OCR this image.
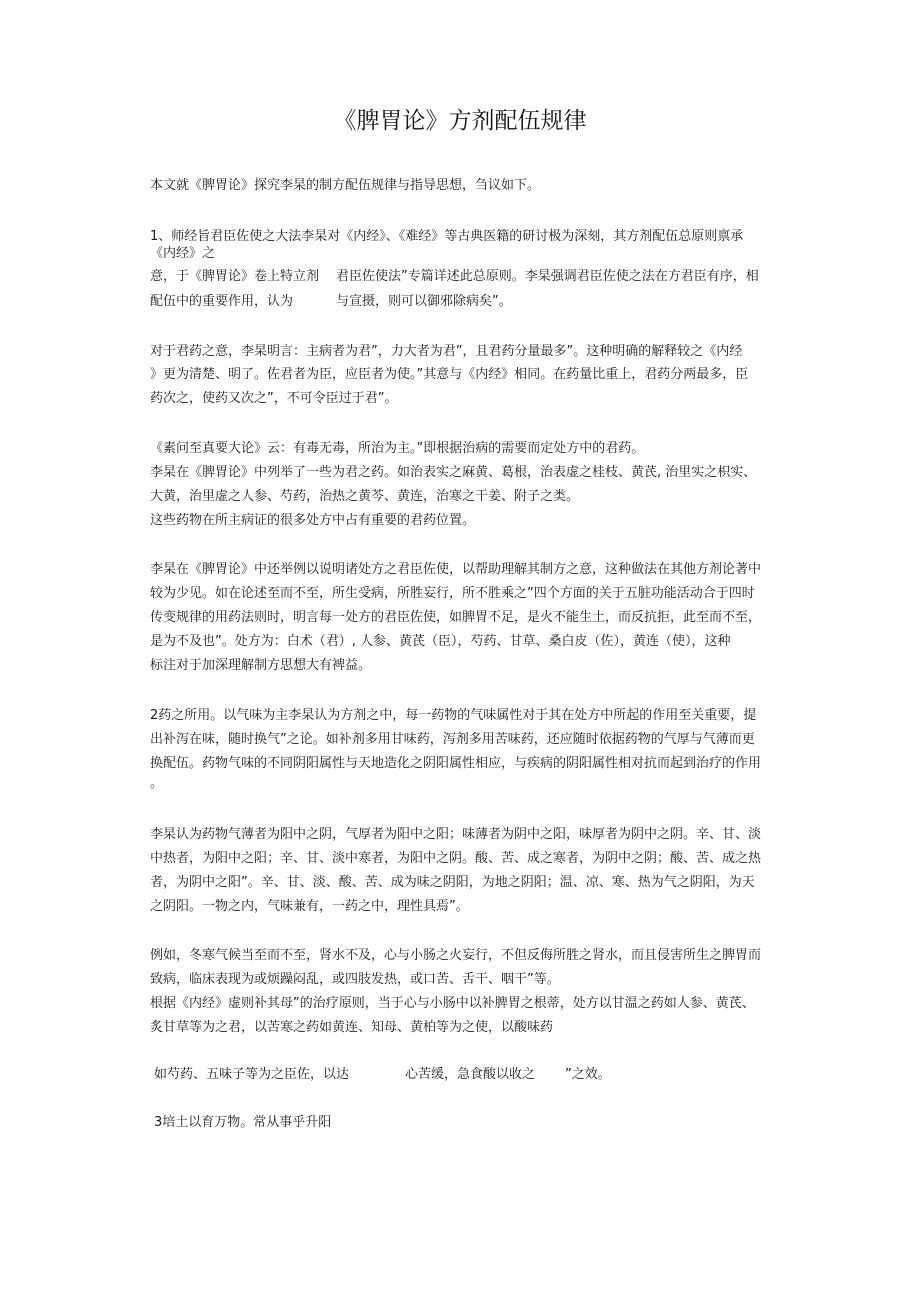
《脾胃论》方剂配伍规律
本文就《脾胃论》探究李杲的制方配伍规律与指导思想，刍议如下。
1、师经旨君臣佐使之大法李杲对《内经》、《难经》等古典医籍的研讨极为深刻，其方剂配伍总原则禀承
《内经》之
意，于《脾胃论》卷上特立剂
配伍中的重要作用，认为
君臣佐使法”专篇详述此总原则。李杲强调君臣佐使之法在方君臣有序，相
与宣摄，则可以御邪除病矣”。
对于君药之意，李杲明言：主病者为君”，力大者为君”，且君药分量最多”。这种明确的解释较之《内经
》更为清楚、明了。佐君者为臣，应臣者为使。”其意与《内经》相同。在药量比重上，君药分两最多，臣
药次之，使药又次之”，不可令臣过于君”。
《素问至真要大论》云：有毒无毒，所治为主。”即根据治病的需要而定处方中的君药。
李杲在《脾胃论》中列举了一些为君之药。如治表实之麻黄、葛根，治表虚之桂枝、黄芪, 治里实之枳实、
大黄，治里虚之人参、芍药，治热之黄芩、黄连，治寒之干姜、附子之类。
这些药物在所主病证的很多处方中占有重要的君药位置。
李杲在《脾胃论》中还举例以说明诸处方之君臣佐使，以帮助理解其制方之意，这种做法在其他方剂论著中
较为少见。如在论述至而不至，所生受病，所胜妄行，所不胜乘之”四个方面的关于五脏功能活动合于四时
传变规律的用药法则时，明言每一处方的君臣佐使，如脾胃不足，是火不能生土，而反抗拒，此至而不至，
是为不及也”。处方为：白术（君）, 人参、黄芪（臣），芍药、甘草、桑白皮（佐），黄连（使），这种
标注对于加深理解制方思想大有裨益。
2药之所用。以气味为主李杲认为方剂之中，每一药物的气味属性对于其在处方中所起的作用至关重要，提
出补泻在味，随时换气”之论。如补剂多用甘味药，泻剂多用苦味药，还应随时依据药物的气厚与气薄而更
换配伍。药物气味的不同阴阳属性与天地造化之阴阳属性相应，与疾病的阴阳属性相对抗而起到治疗的作用
。
李杲认为药物气薄者为阳中之阴，气厚者为阳中之阳；味薄者为阴中之阳，味厚者为阴中之阴。辛、甘、淡
中热者，为阳中之阳；辛、甘、淡中寒者，为阳中之阴。酸、苦、成之寒者，为阴中之阴；酸、苦、成之热
者，为阴中之阳”。辛、甘、淡、酸、苦、成为味之阴阳，为地之阴阳；温、凉、寒、热为气之阴阳，为天
之阴阳。一物之内，气味兼有，一药之中，理性具焉”。
例如，冬寒气候当至而不至，肾水不及，心与小肠之火妄行，不但反侮所胜之肾水，而且侵害所生之脾胃而
致病，临床表现为或烦躁闷乱，或四肢发热，或口苦、舌干、咽干”等。
根据《内经》虚则补其母”的治疗原则，当于心与小肠中以补脾胃之根蒂，处方以甘温之药如人参、黄芪、
炙甘草等为之君，以苦寒之药如黄连、知母、黄柏等为之使，以酸味药
如芍药、五味子等为之臣佐，以达	心苦缓，急食酸以收之 ”之效。
3培土以育万物。常从事乎升阳
